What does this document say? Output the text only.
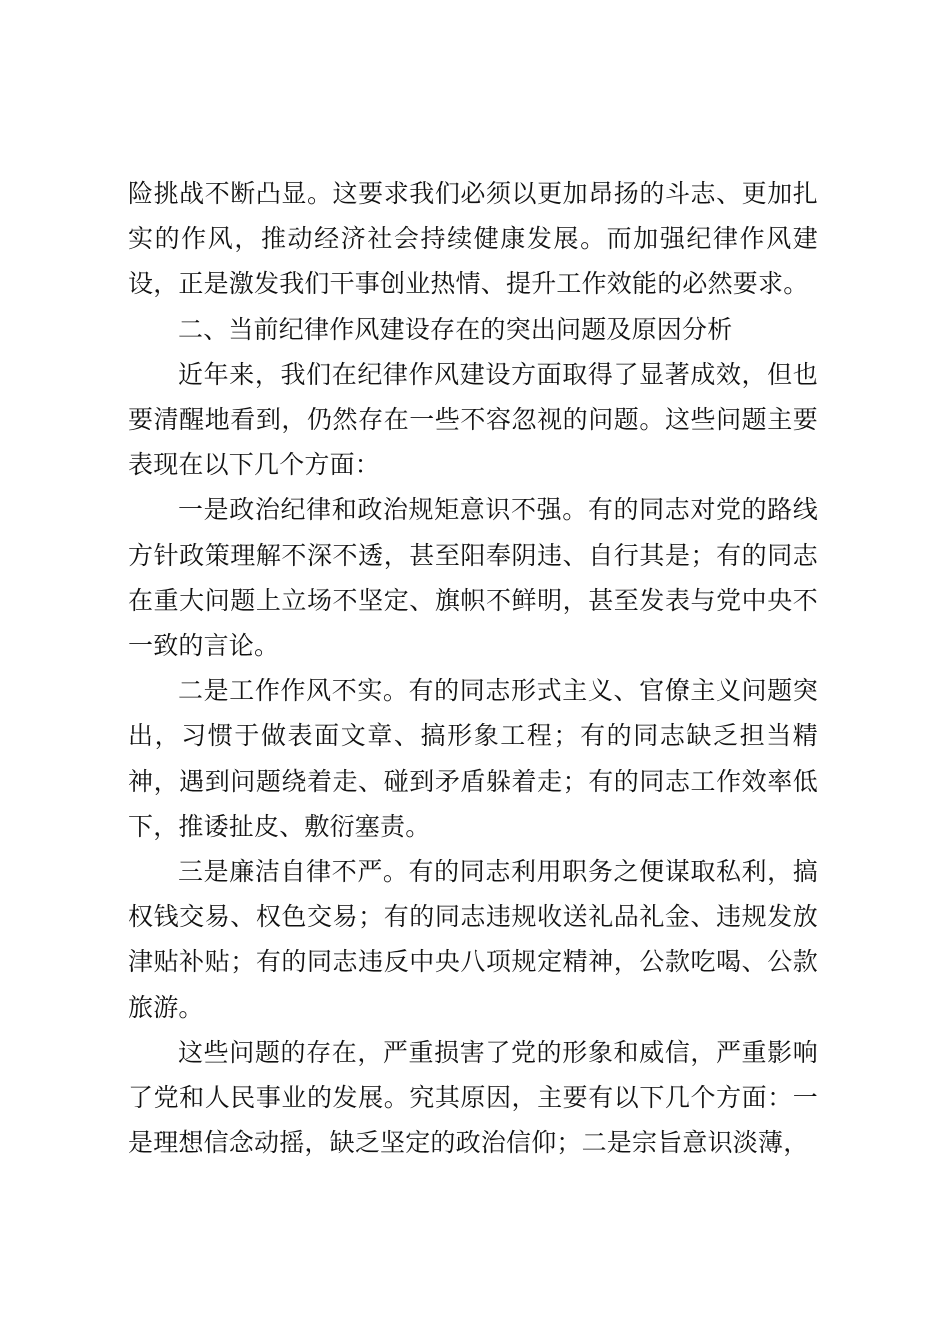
险挑战不断凸显。这要求我们必须以更加昂扬的斗志、更加扎实的作风，推动经济社会持续健康发展。而加强纪律作风建设，正是激发我们干事创业热情、提升工作效能的必然要求。

二、当前纪律作风建设存在的突出问题及原因分析

近年来，我们在纪律作风建设方面取得了显著成效，但也要清醒地看到，仍然存在一些不容忽视的问题。这些问题主要表现在以下几个方面：

一是政治纪律和政治规矩意识不强。有的同志对党的路线方针政策理解不深不透，甚至阳奉阴违、自行其是；有的同志在重大问题上立场不坚定、旗帜不鲜明，甚至发表与党中央不一致的言论。

二是工作作风不实。有的同志形式主义、官僚主义问题突出，习惯于做表面文章、搞形象工程；有的同志缺乏担当精神，遇到问题绕着走、碰到矛盾躲着走；有的同志工作效率低下，推诿扯皮、敷衍塞责。

三是廉洁自律不严。有的同志利用职务之便谋取私利，搞权钱交易、权色交易；有的同志违规收送礼品礼金、违规发放津贴补贴；有的同志违反中央八项规定精神，公款吃喝、公款旅游。

这些问题的存在，严重损害了党的形象和威信，严重影响了党和人民事业的发展。究其原因，主要有以下几个方面：一是理想信念动摇，缺乏坚定的政治信仰；二是宗旨意识淡薄，
